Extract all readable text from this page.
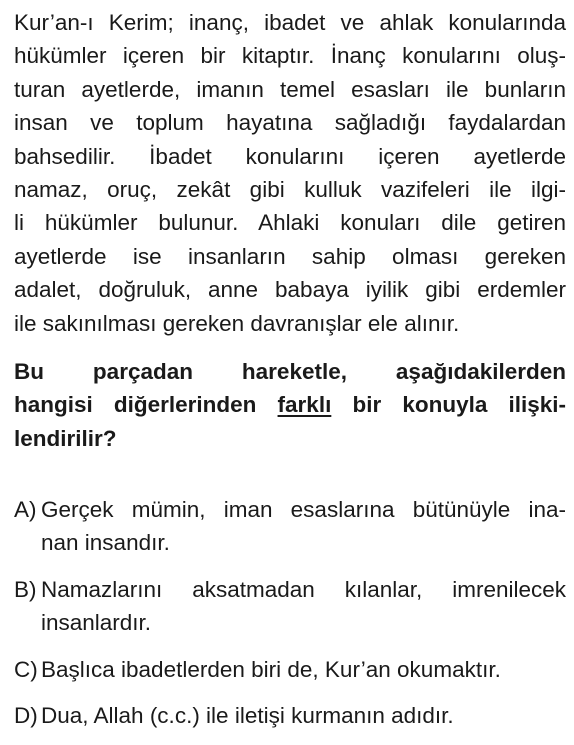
Kur’an-ı Kerim; inanç, ibadet ve ahlak konularında
hükümler içeren bir kitaptır. İnanç konularını oluş-
turan ayetlerde, imanın temel esasları ile bunların
insan ve toplum hayatına sağladığı faydalardan
bahsedilir. İbadet konularını içeren ayetlerde
namaz, oruç, zekât gibi kulluk vazifeleri ile ilgi-
li hükümler bulunur. Ahlaki konuları dile getiren
ayetlerde ise insanların sahip olması gereken
adalet, doğruluk, anne babaya iyilik gibi erdemler
ile sakınılması gereken davranışlar ele alınır.
Bu parçadan hareketle, aşağıdakilerden
hangisi diğerlerinden farklı bir konuyla ilişki-
lendirilir?
A) Gerçek mümin, iman esaslarına bütünüyle ina-
nan insandır.
B) Namazlarını aksatmadan kılanlar, imrenilecek
insanlardır.
C) Başlıca ibadetlerden biri de, Kur’an okumaktır.
D) Dua, Allah (c.c.) ile iletişi kurmanın adıdır.
